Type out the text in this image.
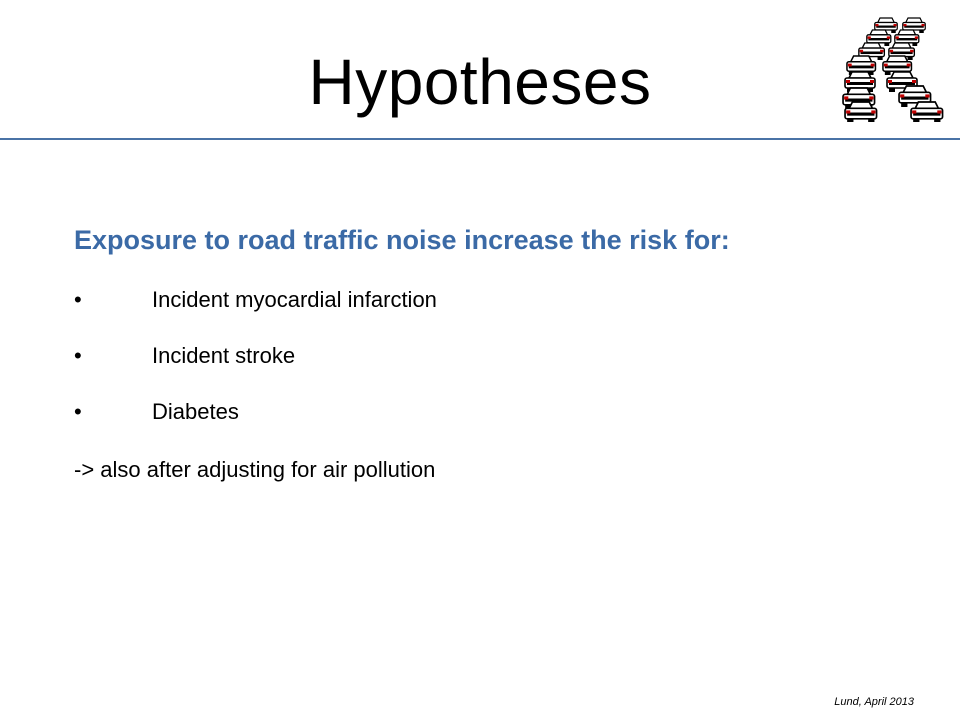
Hypotheses

Exposure to road traffic noise increase the risk for:

•	Incident myocardial infarction
•	Incident stroke
•	Diabetes
-> also after adjusting for air pollution
Lund, April 2013
